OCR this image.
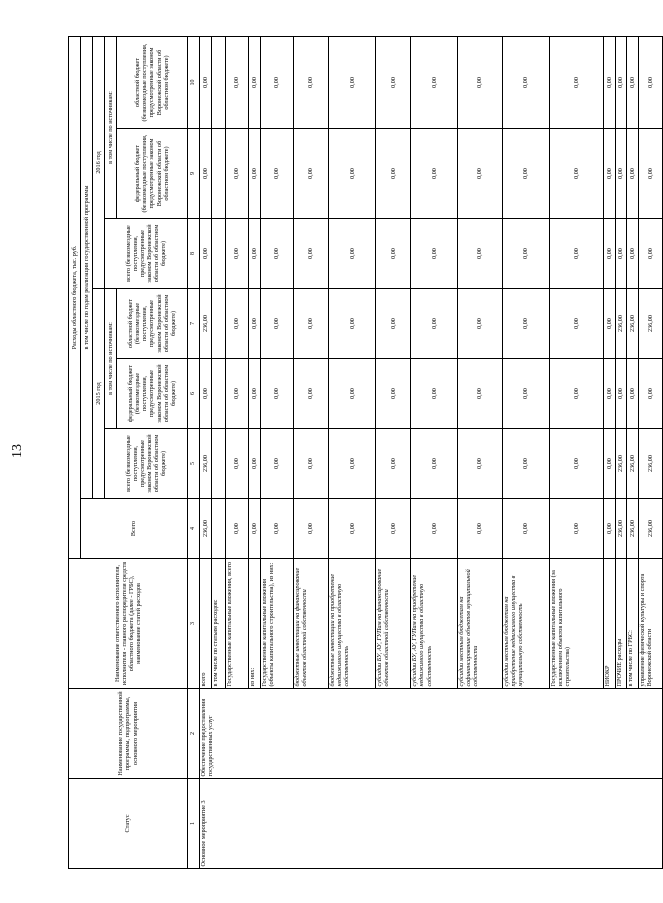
13
Статус	Наименование государственной программы, подпрограммы, основного мероприятия	Наименование ответственного исполнителя, исполнителя - главного распорядителя средств областного бюджета (далее - ГРБС), наименование статей расходов	Расходы областного бюджета, тыс. руб.						
			Всего	в том числе по годам реализации государственной программы					
				2015 год			2016 год		
				всего (безвозмездные поступления, предусмотренные законом Воронежской области об областном бюджете)	в том числе по источникам:		всего (безвозмездные поступления, предусмотренные законом Воронежской области об областном бюджете)	в том числе по источникам:	
					федеральный бюджет (безвозмездные поступления, предусмотренные законом Воронежской области об областном бюджете)	областной бюджет (безвозмездные поступления, предусмотренные законом Воронежской области об областном бюджете)		федеральный бюджет (безвозмездные поступления, предусмотренные законом Воронежской области об областном бюджете)	областной бюджет (безвозмездные поступления, предусмотренные законом Воронежской области об областном бюджете)

1	2	3	4	5	6	7	8	9	10
Основное мероприятие 3	Обеспечение предоставления государственных услуг	всего	236,00	236,00	0,00	236,00	0,00	0,00	0,00
		в том числе по статьям расходов:							
		Государственные капитальные вложения, всего	0,00	0,00	0,00	0,00	0,00	0,00	0,00
		из них:	0,00	0,00	0,00	0,00	0,00	0,00	0,00
		Государственные капитальные вложения (объекты капитального строительства), из них:	0,00	0,00	0,00	0,00	0,00	0,00	0,00
		бюджетные инвестиции на финансирование объектов областной собственности	0,00	0,00	0,00	0,00	0,00	0,00	0,00
		бюджетные инвестиции на приобретение недвижимого имущества в областную собственность	0,00	0,00	0,00	0,00	0,00	0,00	0,00
		субсидии БУ, АУ, ГУПам на финансирование объектов областной собственности	0,00	0,00	0,00	0,00	0,00	0,00	0,00
		субсидии БУ, АУ, ГУПам на приобретение недвижимого имущества в областную собственность	0,00	0,00	0,00	0,00	0,00	0,00	0,00
		субсидии местным бюджетам на софинансирование объектов муниципальной собственности	0,00	0,00	0,00	0,00	0,00	0,00	0,00
		субсидии местным бюджетам на приобретение недвижимого имущества в муниципальную собственность	0,00	0,00	0,00	0,00	0,00	0,00	0,00
		Государственные капитальные вложения (за исключением объектов капитального строительства)	0,00	0,00	0,00	0,00	0,00	0,00	0,00
		НИОКР	0,00	0,00	0,00	0,00	0,00	0,00	0,00
		ПРОЧИЕ расходы	236,00	236,00	0,00	236,00	0,00	0,00	0,00
		в том числе по ГРБС:	236,00	236,00	0,00	236,00	0,00	0,00	0,00
		управление физической культуры и спорта Воронежской области	236,00	236,00	0,00	236,00	0,00	0,00	0,00
